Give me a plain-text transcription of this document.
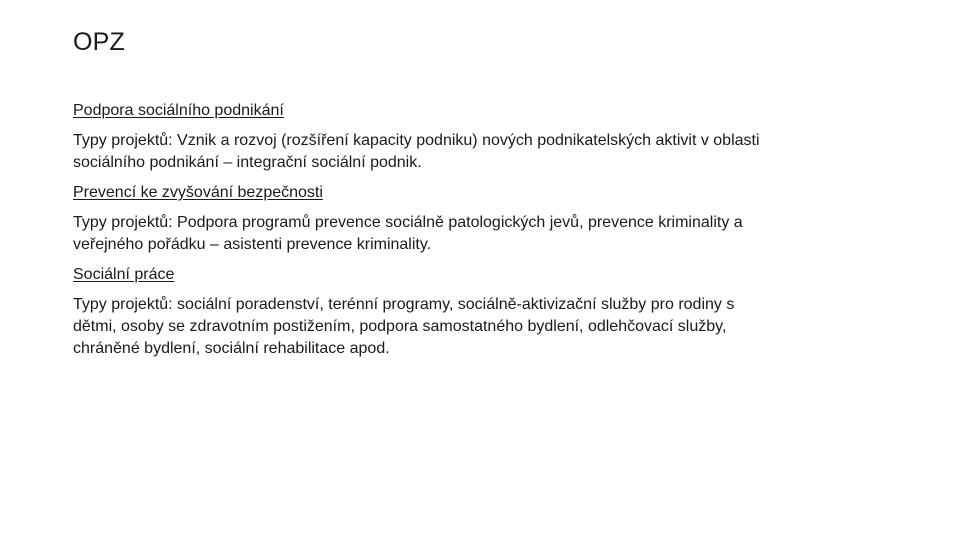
OPZ
Podpora sociálního podnikání
Typy projektů: Vznik a rozvoj (rozšíření kapacity podniku) nových podnikatelských aktivit v oblasti
sociálního podnikání – integrační sociální podnik.
Prevencí ke zvyšování bezpečnosti
Typy projektů: Podpora programů prevence sociálně patologických jevů, prevence kriminality a
veřejného pořádku – asistenti prevence kriminality.
Sociální práce
Typy projektů: sociální poradenství, terénní programy, sociálně-aktivizační služby pro rodiny s
dětmi, osoby se zdravotním postižením, podpora samostatného bydlení, odlehčovací služby,
chráněné bydlení, sociální rehabilitace apod.
